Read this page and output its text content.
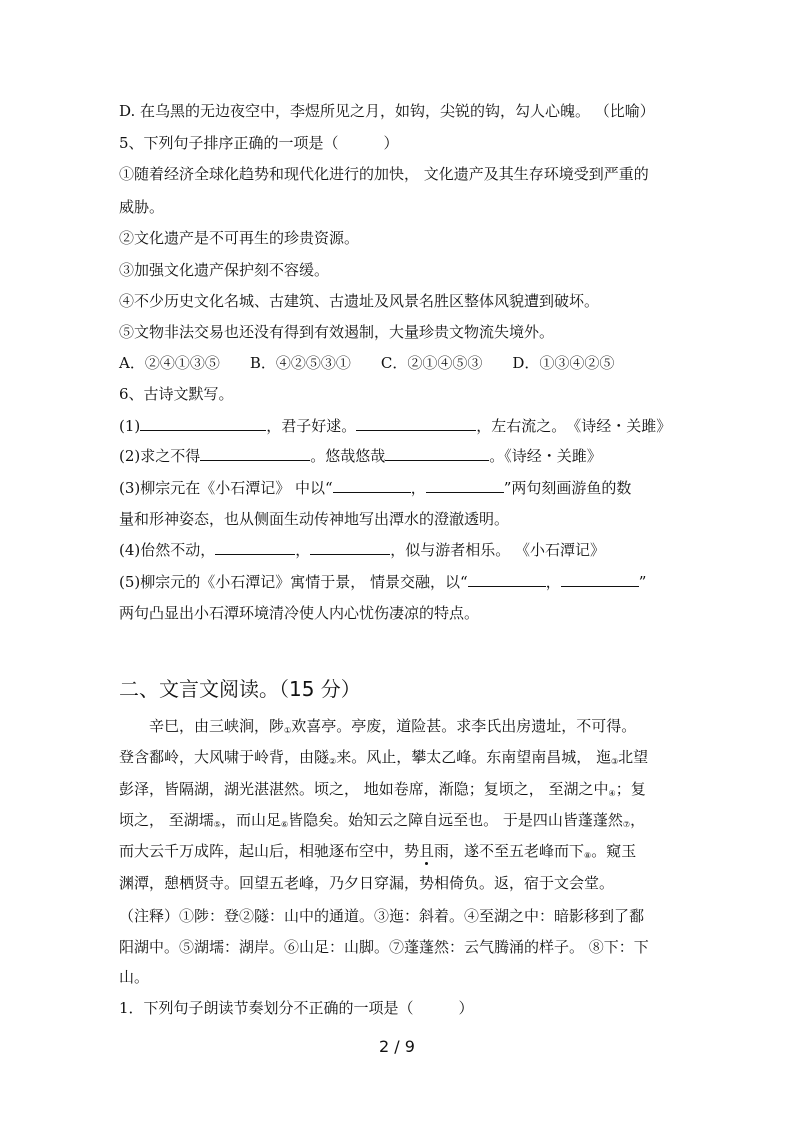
D. 在乌黑的无边夜空中，李煜所见之月，如钩，尖锐的钩，勾人心魄。 （比喻）
5、下列句子排序正确的一项是（　　　）
①随着经济全球化趋势和现代化进行的加快， 文化遗产及其生存环境受到严重的
威胁。
②文化遗产是不可再生的珍贵资源。
③加强文化遗产保护刻不容缓。
④不少历史文化名城、古建筑、古遗址及风景名胜区整体风貌遭到破坏。
⑤文物非法交易也还没有得到有效遏制，大量珍贵文物流失境外。
A．②④①③⑤　　B．④②⑤③①　　C．②①④⑤③　　D．①③④②⑤
6、古诗文默写。
(1)	，君子好逑。	，左右流之。　《诗经・关雎》
(2)求之不得	。悠哉悠哉	。《诗经・关雎》
(3)柳宗元在《小石潭记》 中以“	，	”两句刻画游鱼的数
量和形神姿态，也从侧面生动传神地写出潭水的澄澈透明。
(4)佁然不动，	，	，似与游者相乐。 《小石潭记》
(5)柳宗元的《小石潭记》寓情于景， 情景交融，以“	，	”
两句凸显出小石潭环境清冷使人内心忧伤凄凉的特点。
二、文言文阅读。（15 分）
　　辛巳，由三峡涧，陟$_①$欢喜亭。亭废，道险甚。求李氏出房遗址，不可得。
登含鄱岭，大风啸于岭背，由隧$_②$来。风止，攀太乙峰。东南望南昌城， 迤$_③$北望
彭泽，皆隔湖，湖光湛湛然。顷之， 地如卷席，渐隐；复顷之， 至湖之中$_④$；复
顷之， 至湖壖$_⑤$，而山足$_⑥$皆隐矣。始知云之障自远至也。 于是四山皆蓬蓬然$_⑦$，
而大云千万成阵，起山后，相驰逐布空中，势且雨，遂不至五老峰而下$_⑧$。窥玉
渊潭，憩栖贤寺。回望五老峰，乃夕日穿漏，势相倚负。返，宿于文会堂。
（注释）①陟：登②隧：山中的通道。③迤：斜着。④至湖之中：暗影移到了鄱
阳湖中。⑤湖壖：湖岸。⑥山足：山脚。⑦蓬蓬然：云气腾涌的样子。 ⑧下：下
山。
1．下列句子朗读节奏划分不正确的一项是（　　　）
2 / 9
